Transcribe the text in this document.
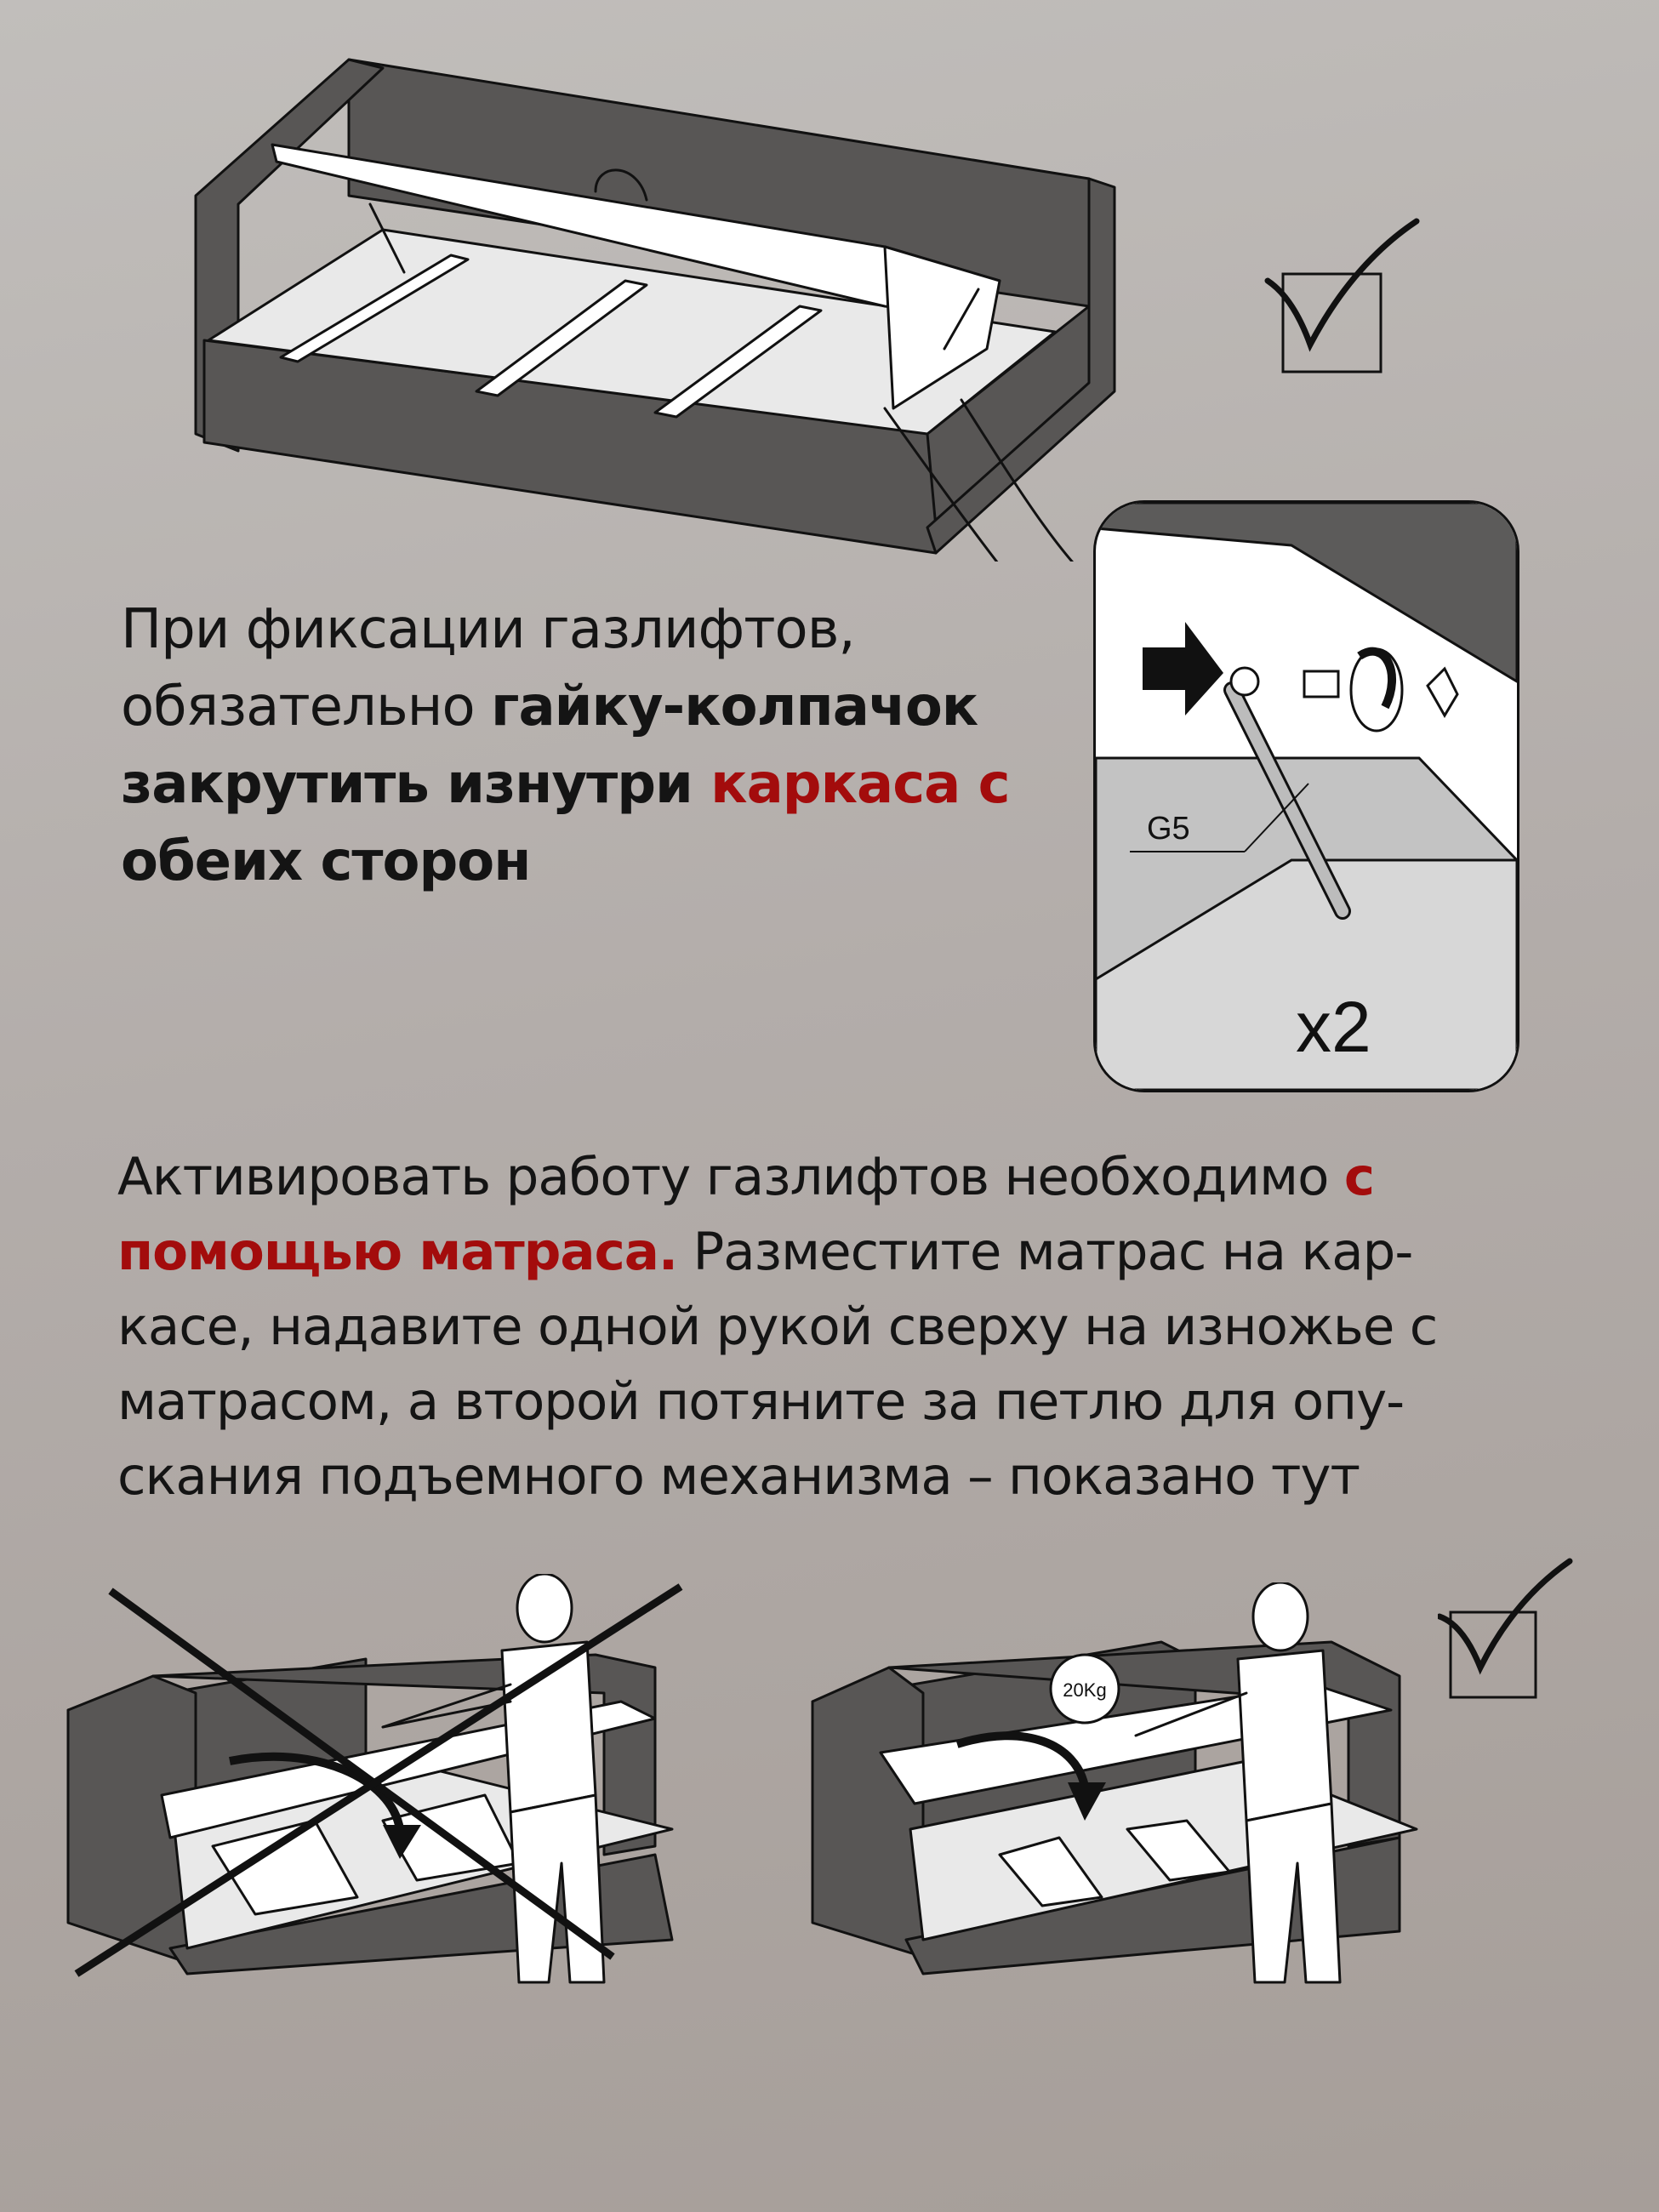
G5
x2

При фиксации газлифтов,

обязательно гайку-колпачок

закрутить изнутри каркаса с

обеих сторон

Активировать работу газлифтов необходимо с

помощью матраса. Разместите матрас на кар-

касе, надавите одной рукой сверху на изножье с

матрасом, а второй потяните за петлю для опу-

скания подъемного механизма – показано тут

20Kg
